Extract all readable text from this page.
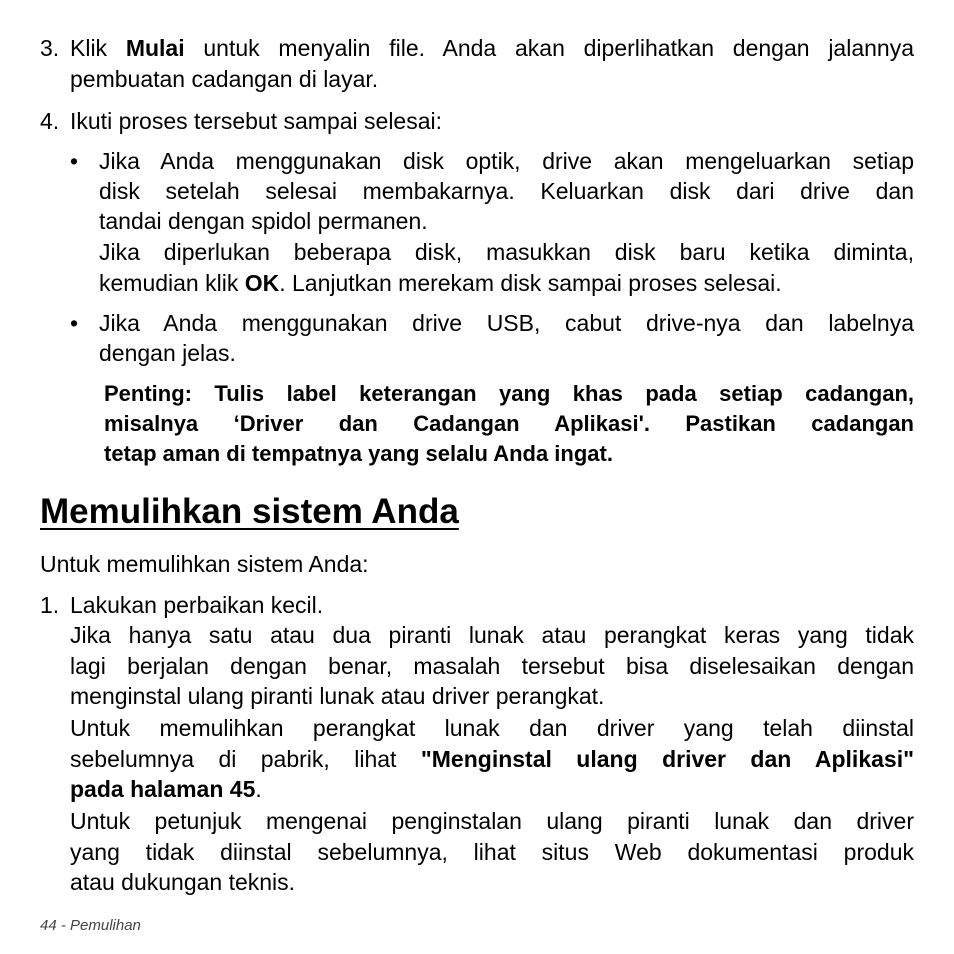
3. Klik Mulai untuk menyalin file. Anda akan diperlihatkan dengan jalannya
pembuatan cadangan di layar.
4. Ikuti proses tersebut sampai selesai:
• Jika Anda menggunakan disk optik, drive akan mengeluarkan setiap
disk setelah selesai membakarnya. Keluarkan disk dari drive dan
tandai dengan spidol permanen.
Jika diperlukan beberapa disk, masukkan disk baru ketika diminta,
kemudian klik OK. Lanjutkan merekam disk sampai proses selesai.
• Jika Anda menggunakan drive USB, cabut drive-nya dan labelnya
dengan jelas.
Penting: Tulis label keterangan yang khas pada setiap cadangan,
misalnya ‘Driver dan Cadangan Aplikasi'. Pastikan cadangan
tetap aman di tempatnya yang selalu Anda ingat.
Memulihkan sistem Anda
Untuk memulihkan sistem Anda:
1. Lakukan perbaikan kecil.
Jika hanya satu atau dua piranti lunak atau perangkat keras yang tidak
lagi berjalan dengan benar, masalah tersebut bisa diselesaikan dengan
menginstal ulang piranti lunak atau driver perangkat.
Untuk memulihkan perangkat lunak dan driver yang telah diinstal
sebelumnya di pabrik, lihat "Menginstal ulang driver dan Aplikasi"
pada halaman 45.
Untuk petunjuk mengenai penginstalan ulang piranti lunak dan driver
yang tidak diinstal sebelumnya, lihat situs Web dokumentasi produk
atau dukungan teknis.
44 - Pemulihan
